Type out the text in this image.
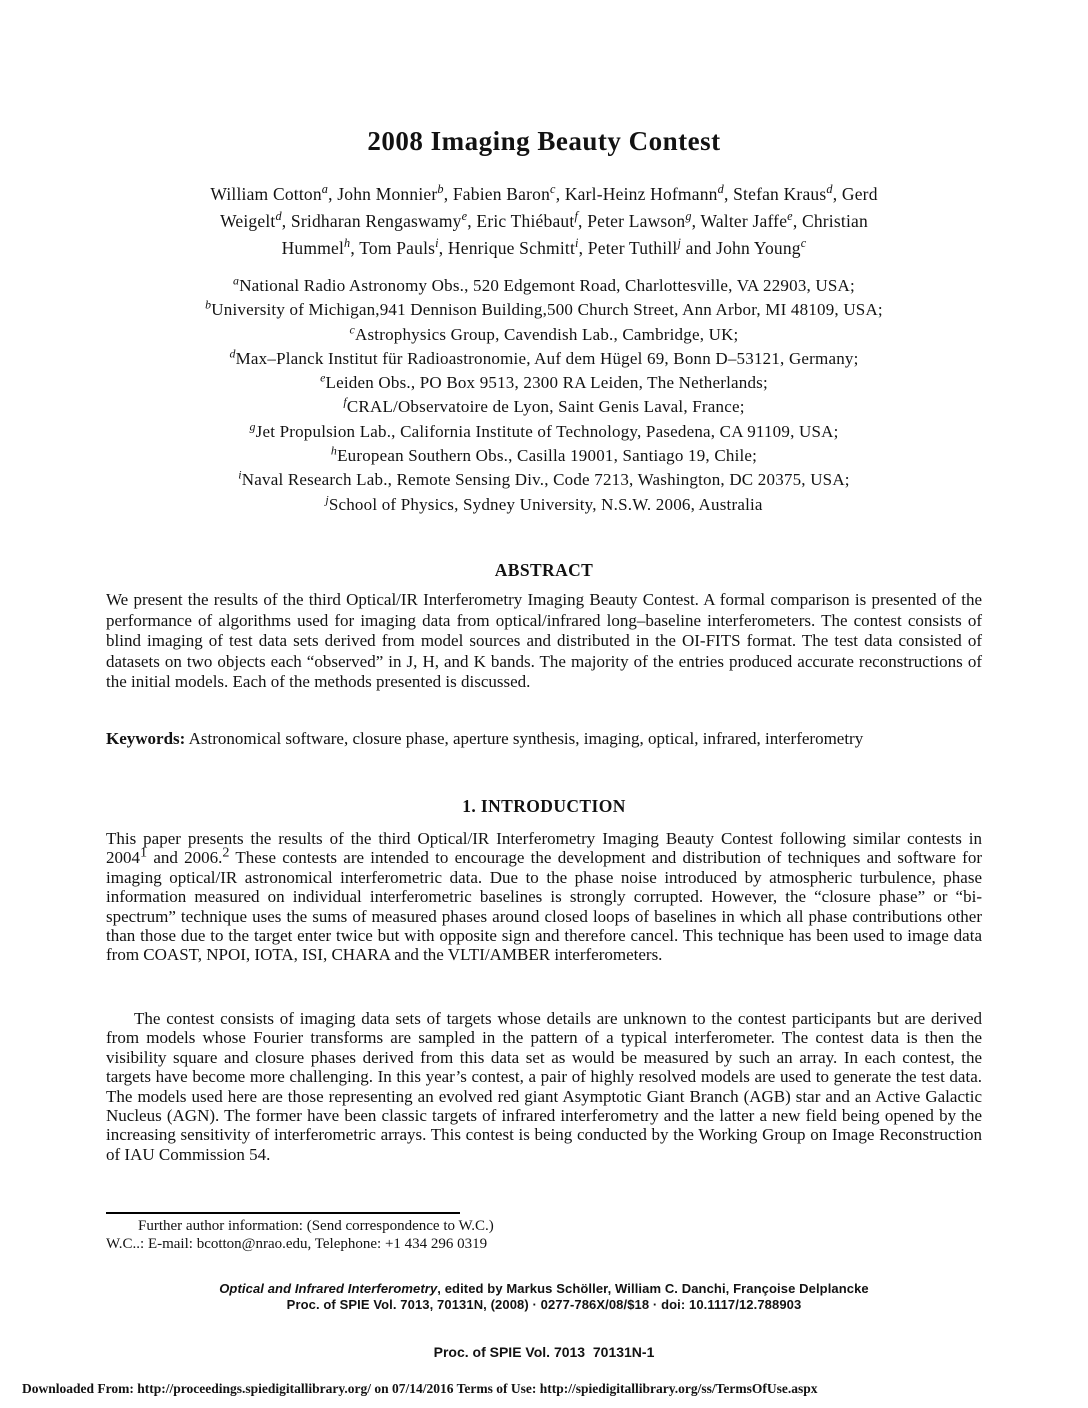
2008 Imaging Beauty Contest
William Cotton$^a$, John Monnier$^b$, Fabien Baron$^c$, Karl-Heinz Hofmann$^d$, Stefan Kraus$^d$, Gerd
Weigelt$^d$, Sridharan Rengaswamy$^e$, Eric Thiébaut$^f$, Peter Lawson$^g$, Walter Jaffe$^e$, Christian
Hummel$^h$, Tom Pauls$^i$, Henrique Schmitt$^i$, Peter Tuthill$^j$ and John Young$^c$
$^a$National Radio Astronomy Obs., 520 Edgemont Road, Charlottesville, VA 22903, USA;
$^b$University of Michigan,941 Dennison Building,500 Church Street, Ann Arbor, MI 48109, USA;
$^c$Astrophysics Group, Cavendish Lab., Cambridge, UK;
$^d$Max–Planck Institut für Radioastronomie, Auf dem Hügel 69, Bonn D–53121, Germany;
$^e$Leiden Obs., PO Box 9513, 2300 RA Leiden, The Netherlands;
$^f$CRAL/Observatoire de Lyon, Saint Genis Laval, France;
$^g$Jet Propulsion Lab., California Institute of Technology, Pasedena, CA 91109, USA;
$^h$European Southern Obs., Casilla 19001, Santiago 19, Chile;
$^i$Naval Research Lab., Remote Sensing Div., Code 7213, Washington, DC 20375, USA;
$^j$School of Physics, Sydney University, N.S.W. 2006, Australia
ABSTRACT

We present the results of the third Optical/IR Interferometry Imaging Beauty Contest. A formal comparison is presented of the performance of algorithms used for imaging data from optical/infrared long–baseline interferometers. The contest consists of blind imaging of test data sets derived from model sources and distributed in the OI-FITS format. The test data consisted of datasets on two objects each “observed” in J, H, and K bands. The majority of the entries produced accurate reconstructions of the initial models. Each of the methods presented is discussed.

Keywords: Astronomical software, closure phase, aperture synthesis, imaging, optical, infrared, interferometry

1. INTRODUCTION

This paper presents the results of the third Optical/IR Interferometry Imaging Beauty Contest following similar contests in 2004$^1$ and 2006.$^2$ These contests are intended to encourage the development and distribution of techniques and software for imaging optical/IR astronomical interferometric data. Due to the phase noise introduced by atmospheric turbulence, phase information measured on individual interferometric baselines is strongly corrupted. However, the “closure phase” or “bi-spectrum” technique uses the sums of measured phases around closed loops of baselines in which all phase contributions other than those due to the target enter twice but with opposite sign and therefore cancel. This technique has been used to image data from COAST, NPOI, IOTA, ISI, CHARA and the VLTI/AMBER interferometers.

The contest consists of imaging data sets of targets whose details are unknown to the contest participants but are derived from models whose Fourier transforms are sampled in the pattern of a typical interferometer. The contest data is then the visibility square and closure phases derived from this data set as would be measured by such an array. In each contest, the targets have become more challenging. In this year’s contest, a pair of highly resolved models are used to generate the test data. The models used here are those representing an evolved red giant Asymptotic Giant Branch (AGB) star and an Active Galactic Nucleus (AGN). The former have been classic targets of infrared interferometry and the latter a new field being opened by the increasing sensitivity of interferometric arrays. This contest is being conducted by the Working Group on Image Reconstruction of IAU Commission 54.

Further author information: (Send correspondence to W.C.)
W.C..: E-mail: bcotton@nrao.edu, Telephone: +1 434 296 0319
Optical and Infrared Interferometry, edited by Markus Schöller, William C. Danchi, Françoise Delplancke
Proc. of SPIE Vol. 7013, 70131N, (2008) · 0277-786X/08/$18 · doi: 10.1117/12.788903
Proc. of SPIE Vol. 7013  70131N-1
Downloaded From: http://proceedings.spiedigitallibrary.org/ on 07/14/2016 Terms of Use: http://spiedigitallibrary.org/ss/TermsOfUse.aspx
